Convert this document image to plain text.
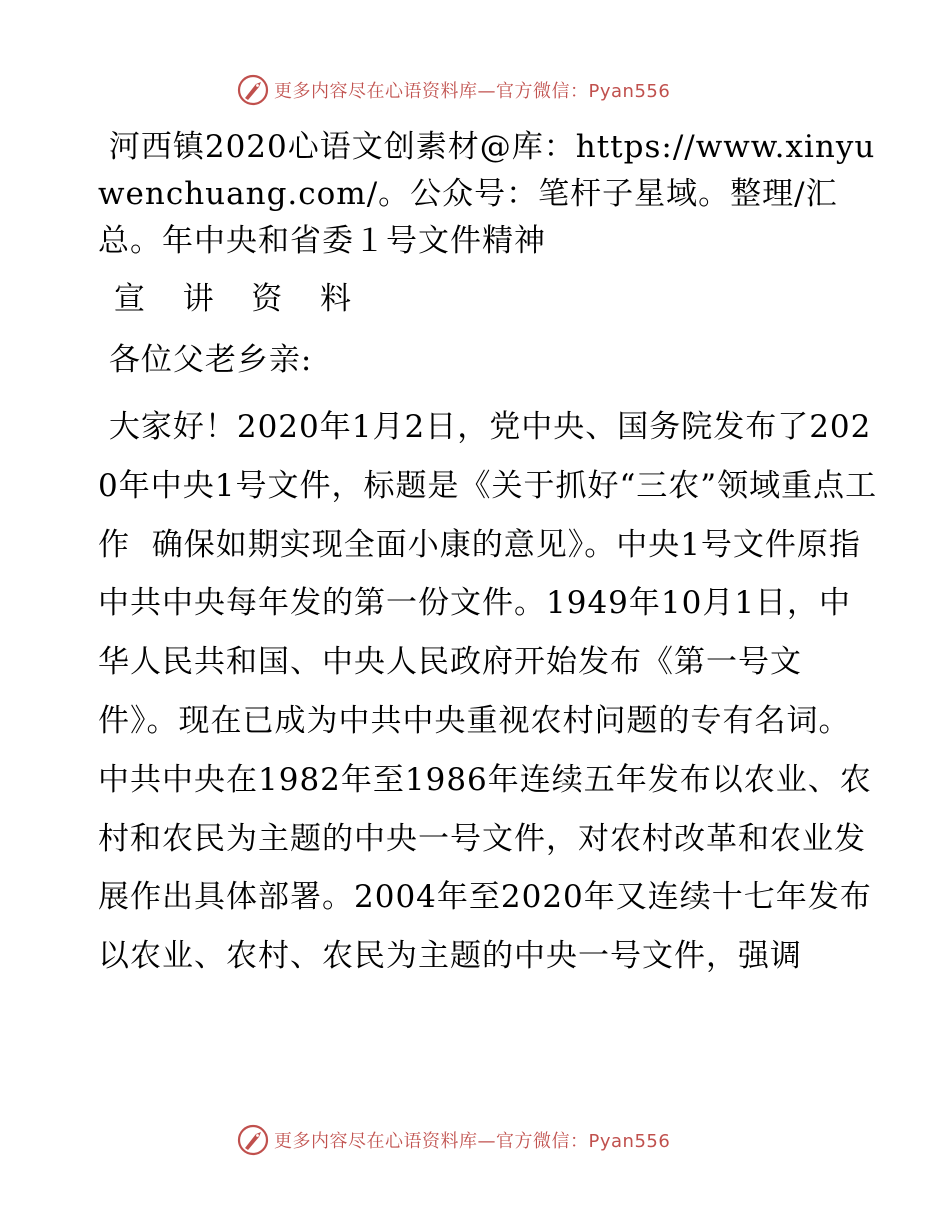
更多内容尽在心语资料库—官方微信：Pyan556

河西镇2020心语文创素材@库：https://www.xinyuwenchuang.com/。公众号：笔杆子星域。整理/汇总。年中央和省委１号文件精神

宣  讲  资  料

各位父老乡亲:

大家好！2020年1月2日，党中央、国务院发布了2020年中央1号文件，标题是《关于抓好“三农”领域重点工作  确保如期实现全面小康的意见》。中央1号文件原指中共中央每年发的第一份文件。1949年10月1日，中华人民共和国、中央人民政府开始发布《第一号文件》。现在已成为中共中央重视农村问题的专有名词。中共中央在1982年至1986年连续五年发布以农业、农村和农民为主题的中央一号文件，对农村改革和农业发展作出具体部署。2004年至2020年又连续十七年发布以农业、农村、农民为主题的中央一号文件，强调

更多内容尽在心语资料库—官方微信：Pyan556
